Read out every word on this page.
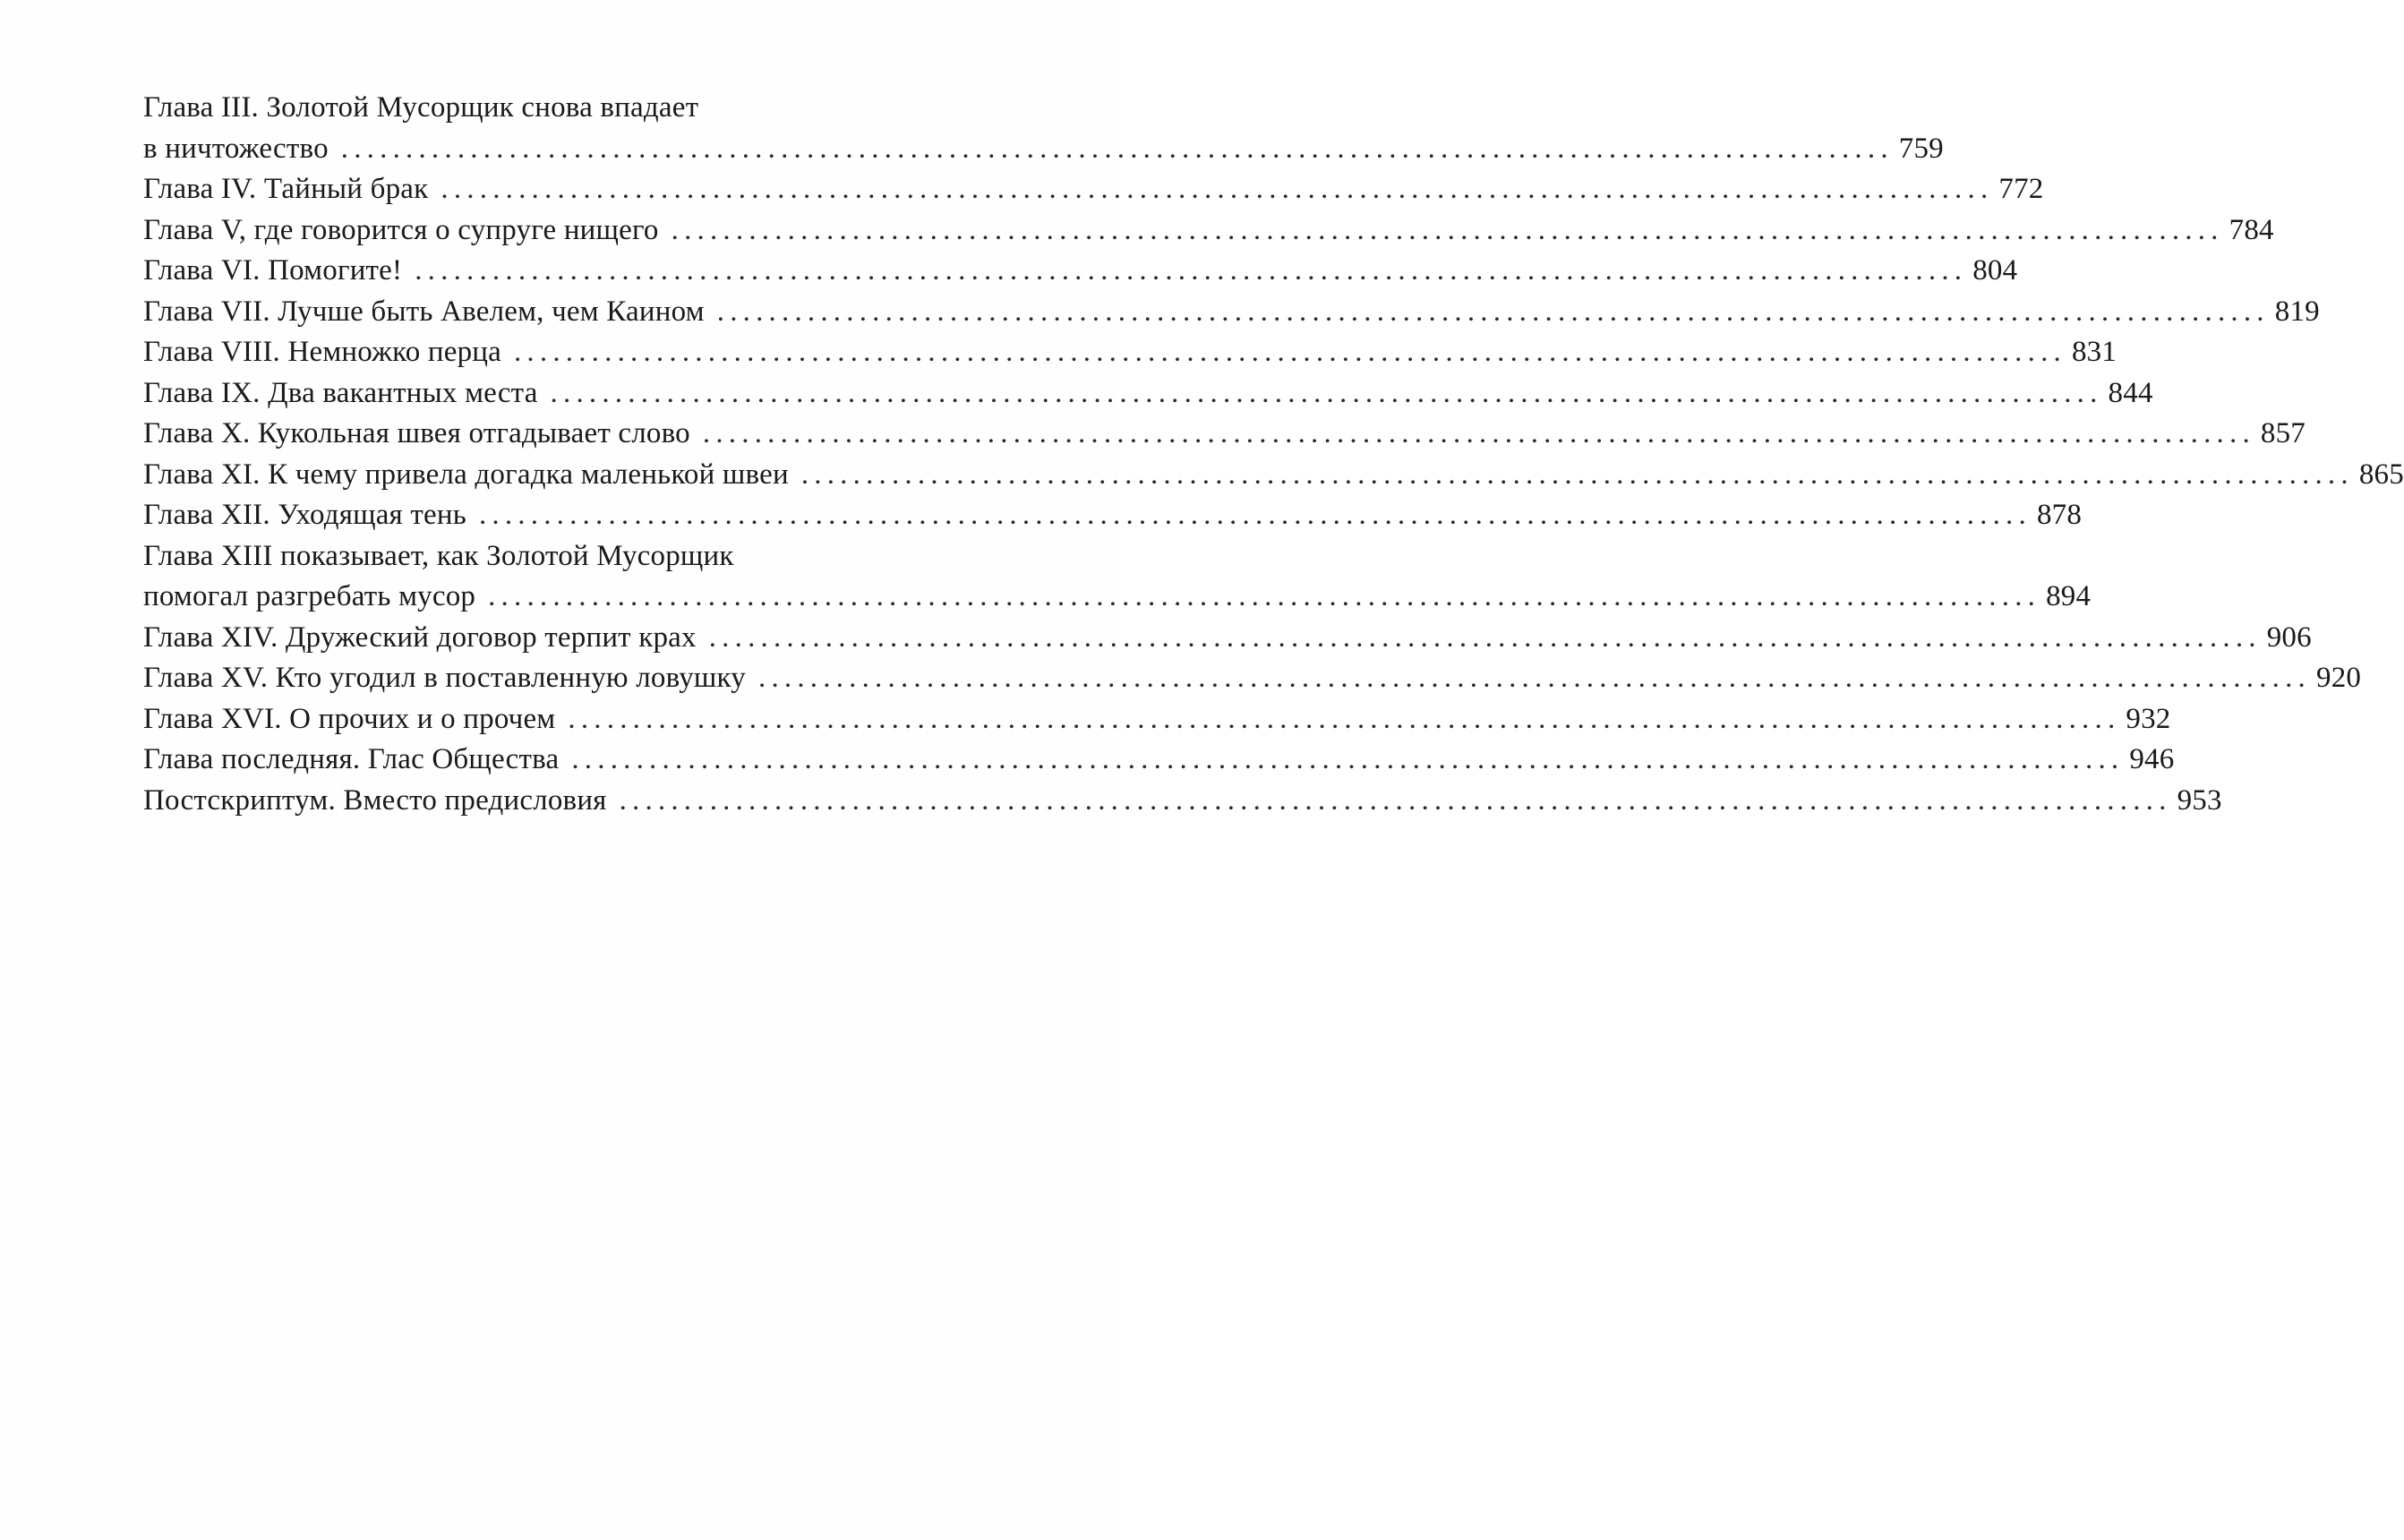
Глава III. Золотой Мусорщик снова впадает
в ничтожество ........................................................................................................................ 759
Глава IV. Тайный брак ........................................................................................................................ 772
Глава V, где говорится о супруге нищего ........................................................................................................................ 784
Глава VI. Помогите! ........................................................................................................................ 804
Глава VII. Лучше быть Авелем, чем Каином ........................................................................................................................ 819
Глава VIII. Немножко перца ........................................................................................................................ 831
Глава IX. Два вакантных места ........................................................................................................................ 844
Глава X. Кукольная швея отгадывает слово ........................................................................................................................ 857
Глава XI. К чему привела догадка маленькой швеи ........................................................................................................................ 865
Глава XII. Уходящая тень ........................................................................................................................ 878
Глава XIII показывает, как Золотой Мусорщик
помогал разгребать мусор ........................................................................................................................ 894
Глава XIV. Дружеский договор терпит крах ........................................................................................................................ 906
Глава XV. Кто угодил в поставленную ловушку ........................................................................................................................ 920
Глава XVI. О прочих и о прочем ........................................................................................................................ 932
Глава последняя. Глас Общества ........................................................................................................................ 946
Постскриптум. Вместо предисловия ........................................................................................................................ 953
